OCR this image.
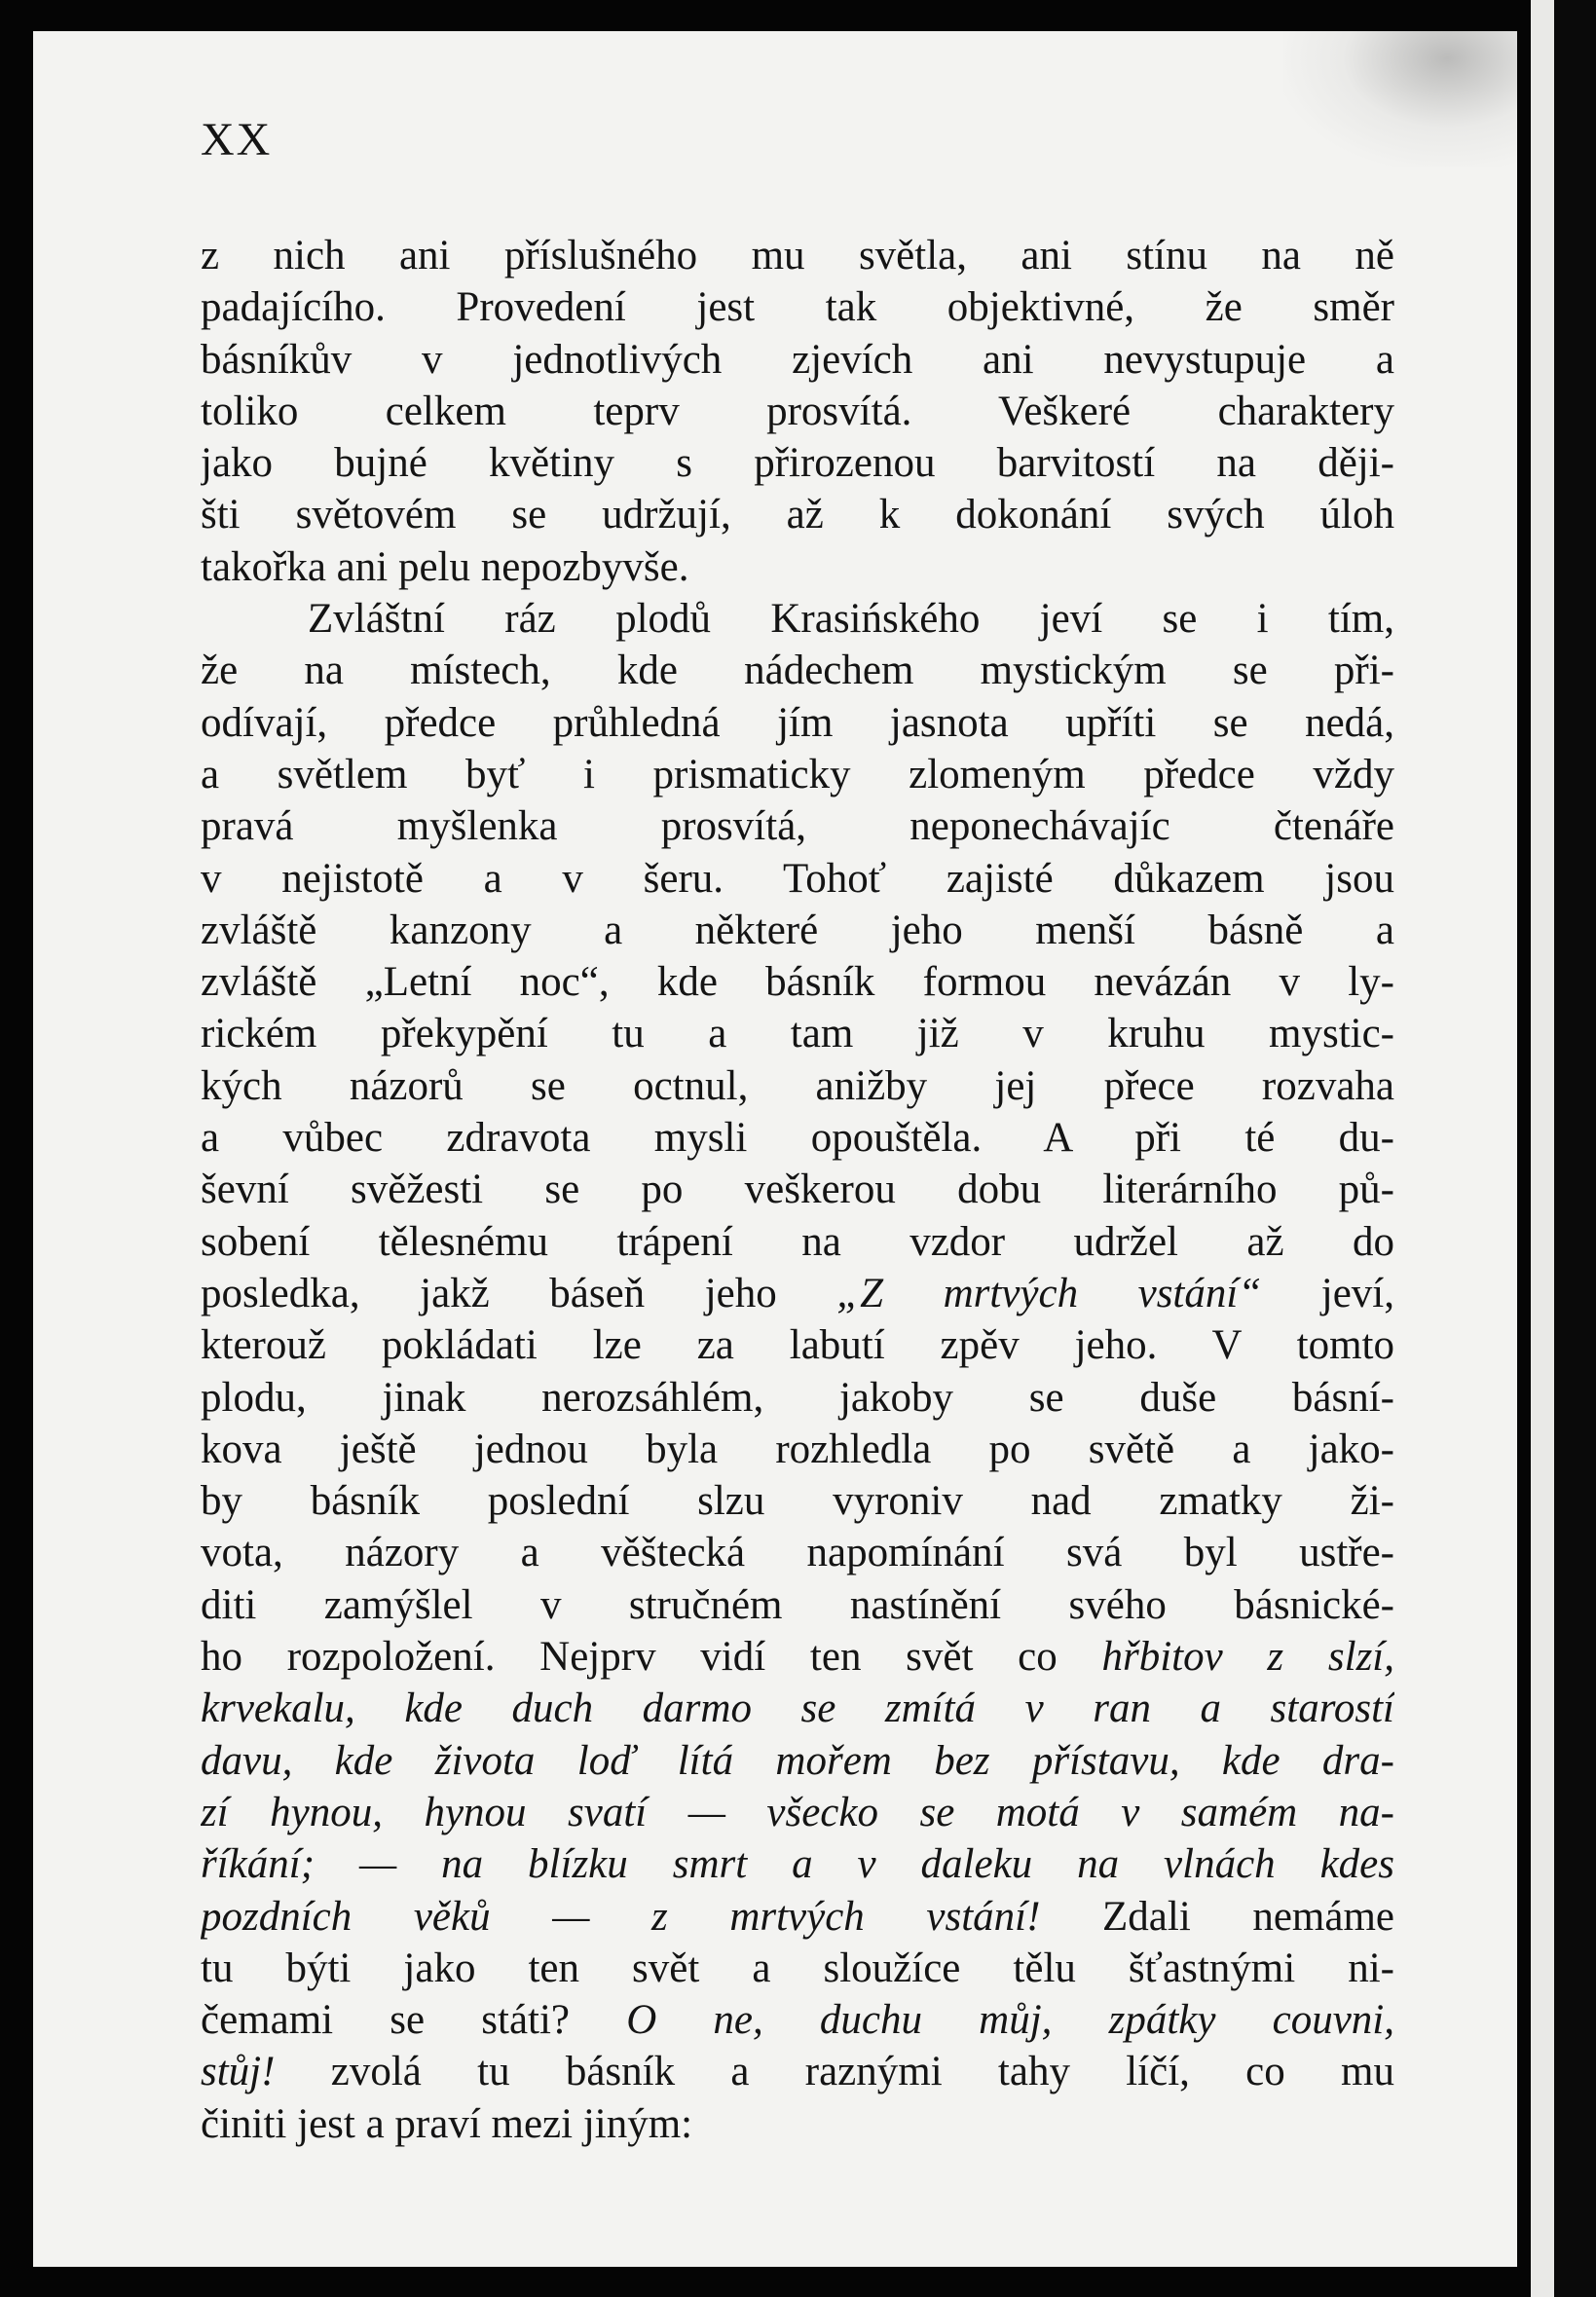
XX
z nich ani příslušného mu světla, ani stínu na ně
padajícího. Provedení jest tak objektivné, že směr
básníkův v jednotlivých zjevích ani nevystupuje a
toliko celkem teprv prosvítá. Veškeré charaktery
jako bujné květiny s přirozenou barvitostí na ději-
šti světovém se udržují, až k dokonání svých úloh
takořka ani pelu nepozbyvše.
Zvláštní ráz plodů Krasińského jeví se i tím,
že na místech, kde nádechem mystickým se při-
odívají, předce průhledná jím jasnota upříti se nedá,
a světlem byť i prismaticky zlomeným předce vždy
pravá myšlenka prosvítá, neponechávajíc čtenáře
v nejistotě a v šeru. Tohoť zajisté důkazem jsou
zvláště kanzony a některé jeho menší básně a
zvláště „Letní noc“, kde básník formou nevázán v ly-
rickém překypění tu a tam již v kruhu mystic-
kých názorů se octnul, anižby jej přece rozvaha
a vůbec zdravota mysli opouštěla. A při té du-
ševní svěžesti se po veškerou dobu literárního pů-
sobení tělesnému trápení na vzdor udržel až do
posledka, jakž báseň jeho „Z mrtvých vstání“ jeví,
kterouž pokládati lze za labutí zpěv jeho. V tomto
plodu, jinak nerozsáhlém, jakoby se duše básní-
kova ještě jednou byla rozhledla po světě a jako-
by básník poslední slzu vyroniv nad zmatky ži-
vota, názory a věštecká napomínání svá byl ustře-
diti zamýšlel v stručném nastínění svého básnické-
ho rozpoložení. Nejprv vidí ten svět co hřbitov z slzí,
krvekalu, kde duch darmo se zmítá v ran a starostí
davu, kde života loď lítá mořem bez přístavu, kde dra-
zí hynou, hynou svatí — všecko se motá v samém na-
říkání; — na blízku smrt a v daleku na vlnách kdes
pozdních věků — z mrtvých vstání! Zdali nemáme
tu býti jako ten svět a sloužíce tělu šťastnými ni-
čemami se státi? O ne, duchu můj, zpátky couvni,
stůj! zvolá tu básník a raznými tahy líčí, co mu
činiti jest a praví mezi jiným:
